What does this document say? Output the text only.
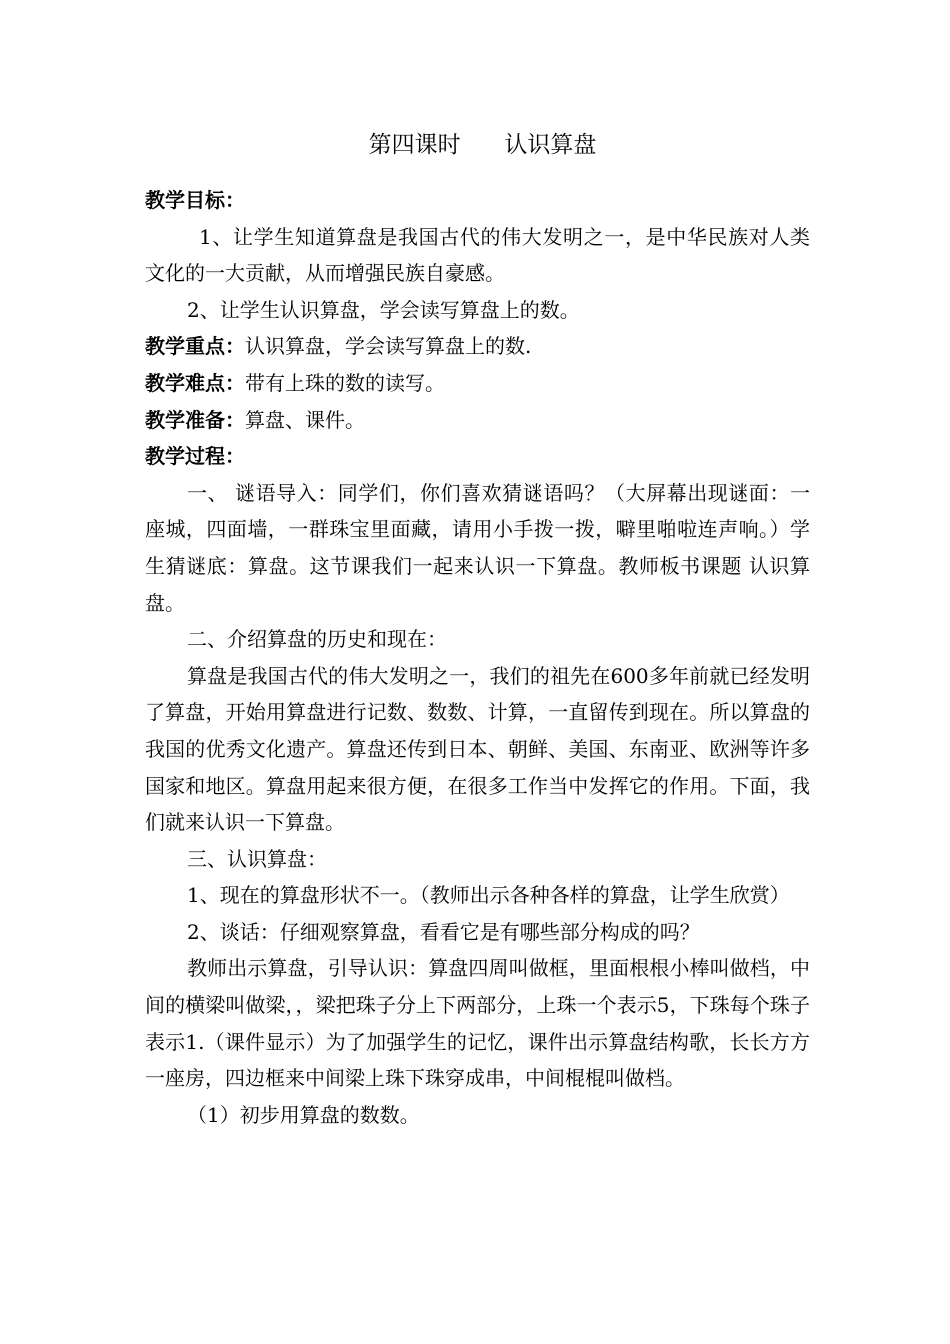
第四课时      认识算盘

教学目标：

1、让学生知道算盘是我国古代的伟大发明之一，是中华民族对人类文化的一大贡献，从而增强民族自豪感。

2、让学生认识算盘，学会读写算盘上的数。

教学重点：认识算盘，学会读写算盘上的数.

教学难点：带有上珠的数的读写。

教学准备：算盘、课件。

教学过程：

一、 谜语导入：同学们，你们喜欢猜谜语吗？（大屏幕出现谜面：一座城，四面墙，一群珠宝里面藏，请用小手拨一拨，噼里啪啦连声响。）学生猜谜底：算盘。这节课我们一起来认识一下算盘。教师板书课题 认识算盘。

二、介绍算盘的历史和现在：

算盘是我国古代的伟大发明之一，我们的祖先在600多年前就已经发明了算盘，开始用算盘进行记数、数数、计算，一直留传到现在。所以算盘的我国的优秀文化遗产。算盘还传到日本、朝鲜、美国、东南亚、欧洲等许多国家和地区。算盘用起来很方便，在很多工作当中发挥它的作用。下面，我们就来认识一下算盘。

三、认识算盘：

1、现在的算盘形状不一。（教师出示各种各样的算盘，让学生欣赏）

2、谈话：仔细观察算盘，看看它是有哪些部分构成的吗？

教师出示算盘，引导认识：算盘四周叫做框，里面根根小棒叫做档，中间的横梁叫做梁，，梁把珠子分上下两部分，上珠一个表示5，下珠每个珠子表示1.（课件显示）为了加强学生的记忆，课件出示算盘结构歌，长长方方一座房，四边框来中间梁上珠下珠穿成串，中间棍棍叫做档。

（1）初步用算盘的数数。
